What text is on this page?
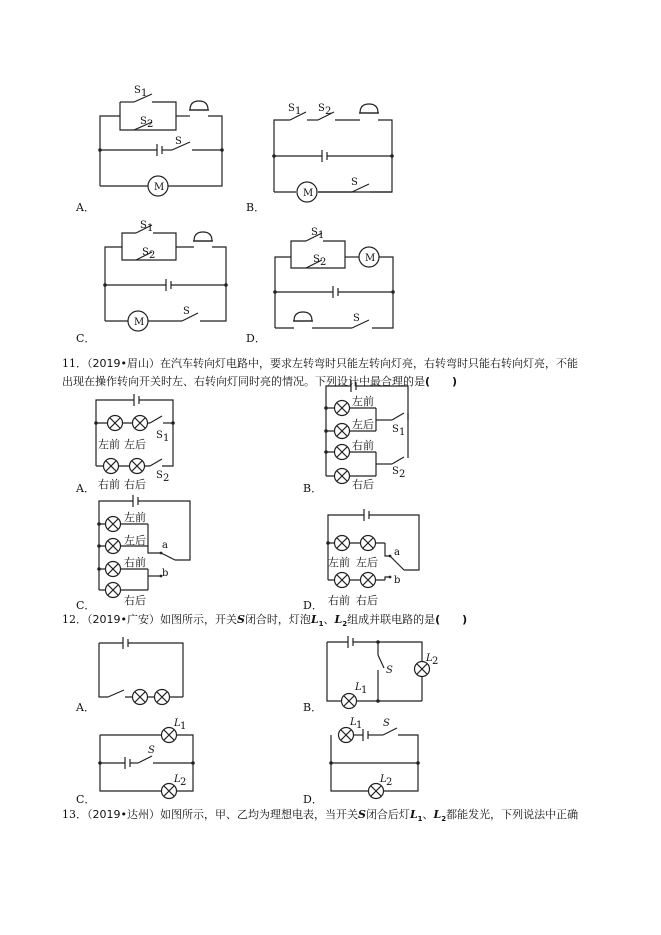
S 1
S 2
S
M
S 1 S 2
S
M
S 1
S 2
S
M
S 1
S 2
S
M
左前 左后
S 1
S 2
右前 右后
左前
左后 S 1
右前
S 2
右后
左前
左后 a
右前
b
右后
a
左前 左后
b
右前 右后
S
L 2
L 1
L 1
S
L 2
L 1 S
L 2
A．	B．
C．	D．
A．	B．
C．	D．
A．	B．
C．	D．
11．（2019•眉山）在汽车转向灯电路中，要求左转弯时只能左转向灯亮，右转弯时只能右转向灯亮，不能
出现在操作转向开关时左、右转向灯同时亮的情况。下列设计中最合理的是(　　)
12．（2019•广安）如图所示，开关S闭合时，灯泡$L_1$、$L_2$组成并联电路的是(　　)
13．（2019•达州）如图所示，甲、乙均为理想电表，当开关S闭合后灯$L_1$、$L_2$都能发光，下列说法中正确
